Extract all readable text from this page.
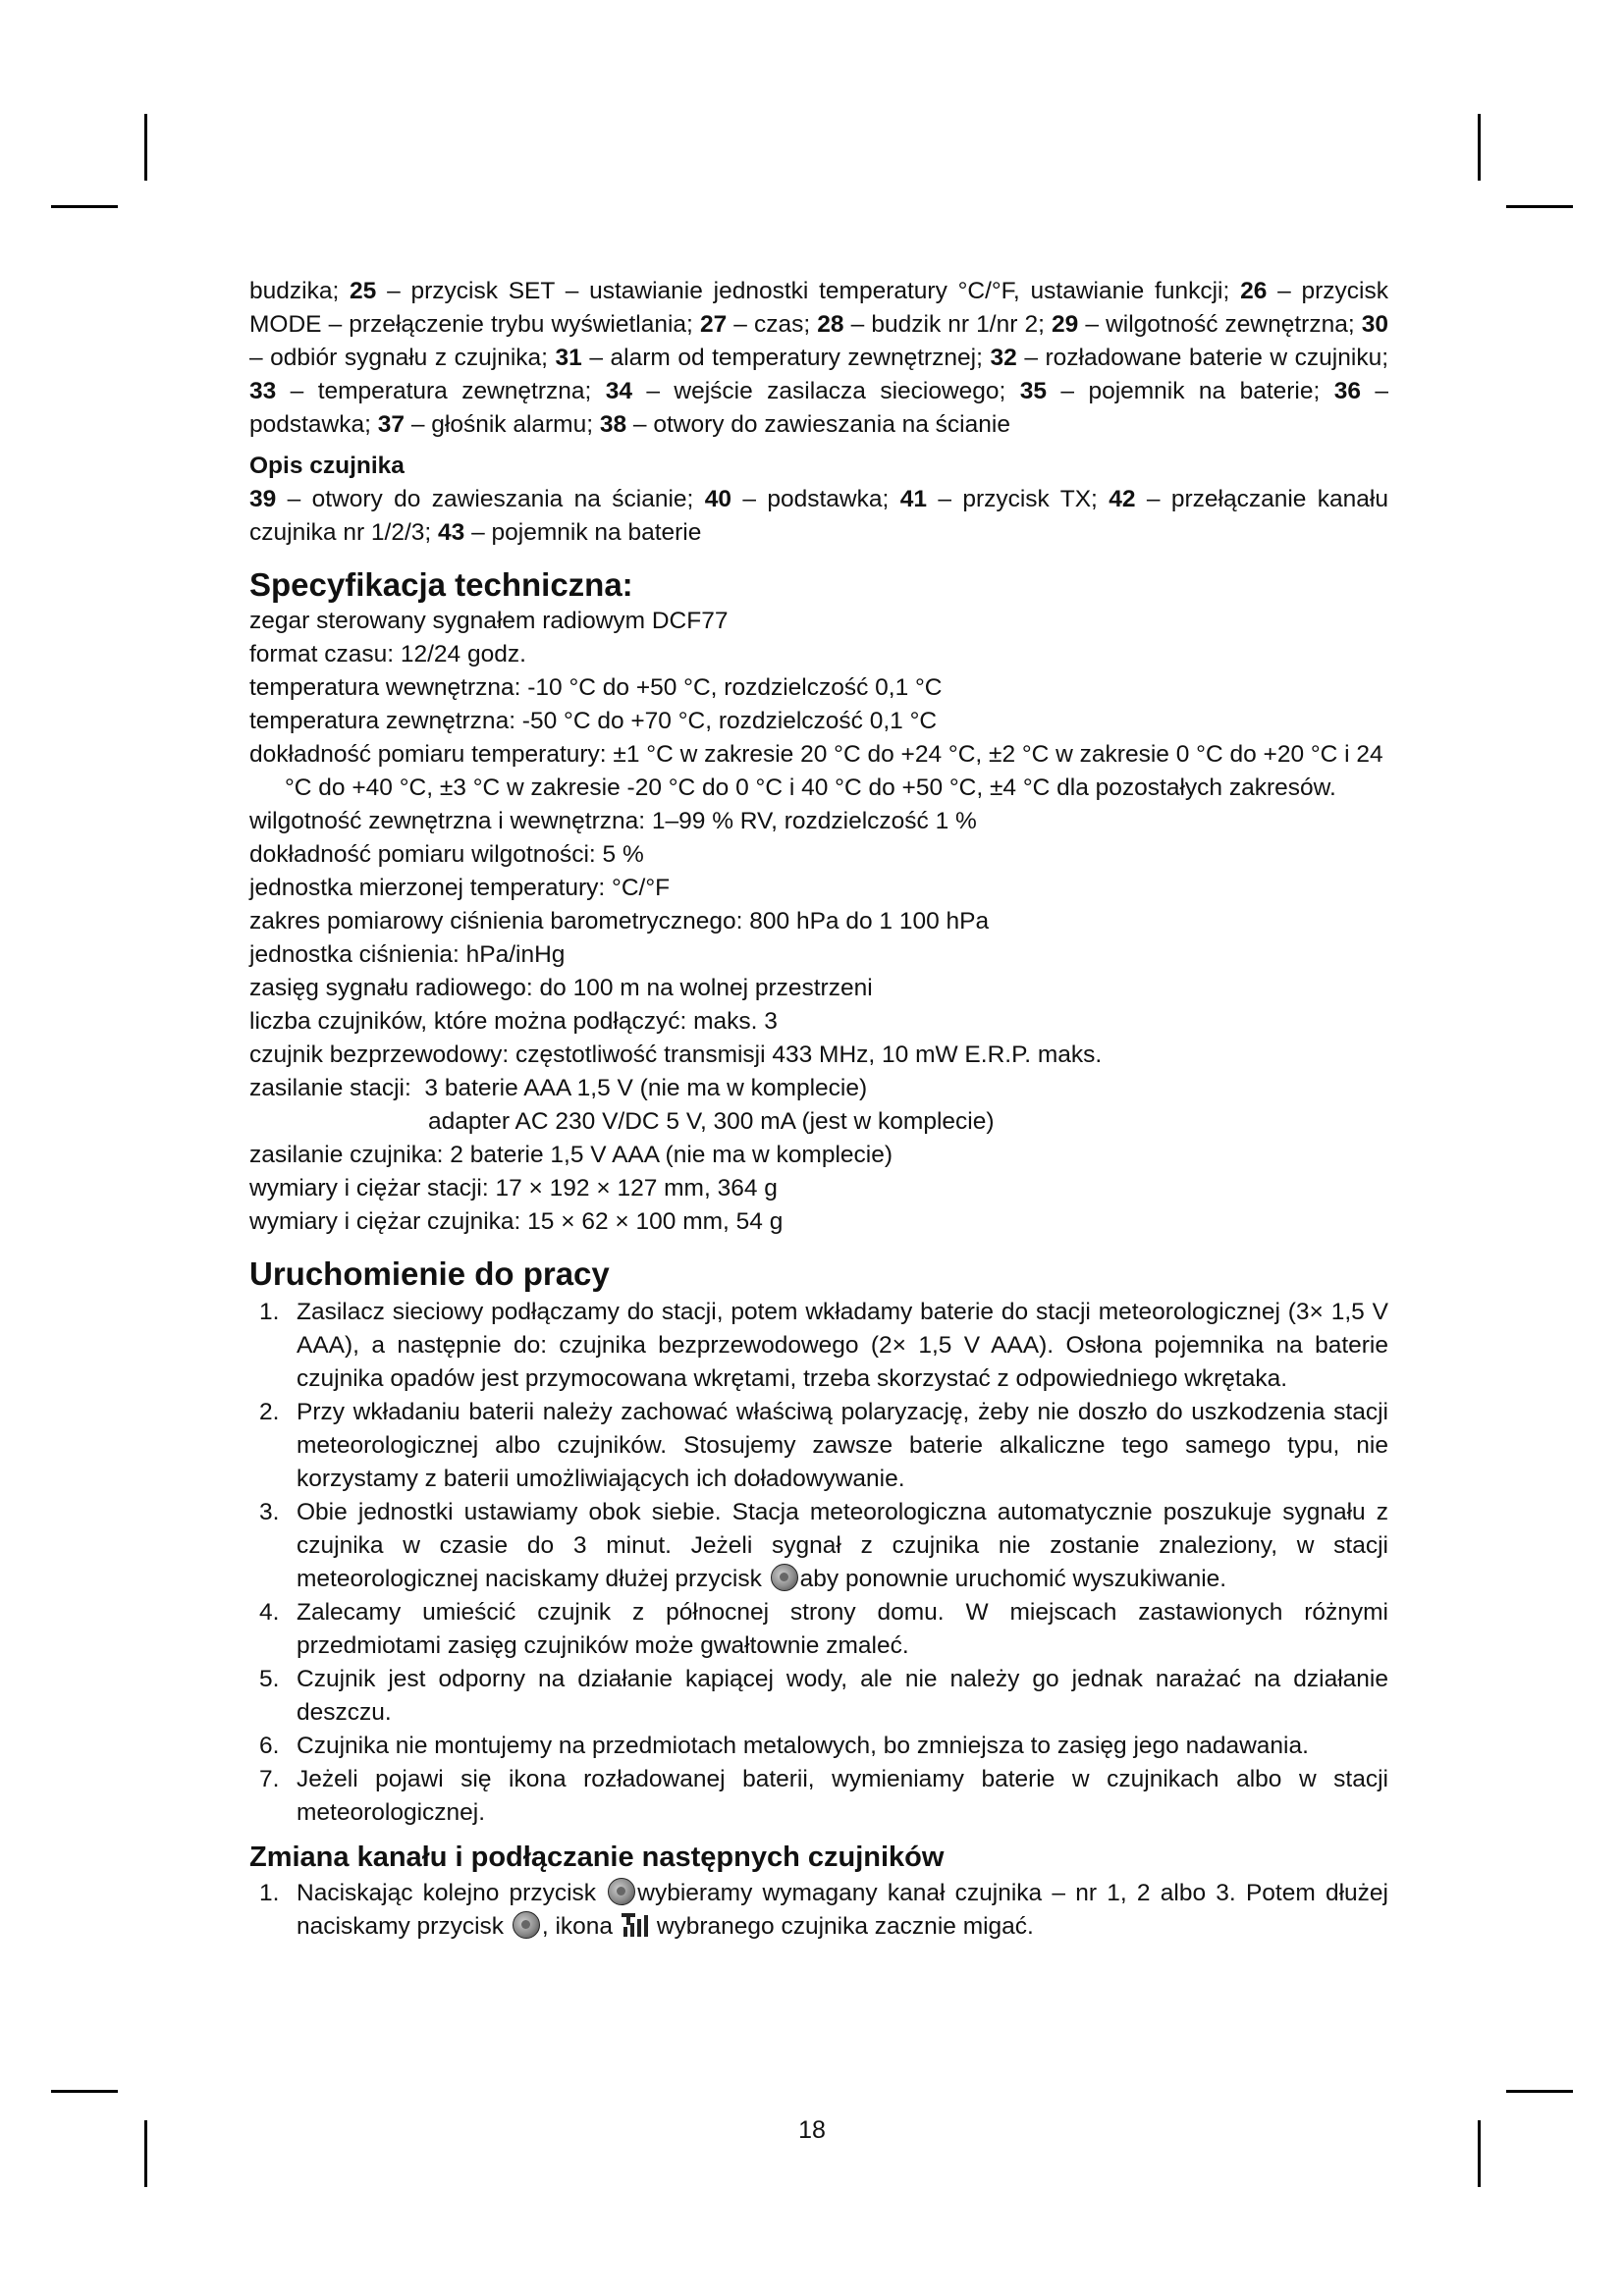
budzika; 25 – przycisk SET – ustawianie jednostki temperatury °C/°F, ustawianie funkcji; 26 – przycisk MODE – przełączenie trybu wyświetlania; 27 – czas; 28 – budzik nr 1/nr 2; 29 – wilgotność zewnętrzna; 30 – odbiór sygnału z czujnika; 31 – alarm od temperatury zewnętrznej; 32 – rozładowane baterie w czujniku; 33 – temperatura zewnętrzna; 34 – wejście zasilacza sieciowego; 35 – pojemnik na baterie; 36 – podstawka; 37 – głośnik alarmu; 38 – otwory do zawieszania na ścianie

Opis czujnika

39 – otwory do zawieszania na ścianie; 40 – podstawka; 41 – przycisk TX; 42 – przełączanie kanału czujnika nr 1/2/3; 43 – pojemnik na baterie

Specyfikacja techniczna:

zegar sterowany sygnałem radiowym DCF77

format czasu: 12/24 godz.

temperatura wewnętrzna: -10 °C do +50 °C, rozdzielczość 0,1 °C

temperatura zewnętrzna: -50 °C do +70 °C, rozdzielczość 0,1 °C

dokładność pomiaru temperatury: ±1 °C w zakresie 20 °C do +24 °C, ±2 °C w zakresie 0 °C do +20 °C i 24 °C do +40 °C, ±3 °C w zakresie -20 °C do 0 °C i 40 °C do +50 °C, ±4 °C dla pozostałych zakresów.

wilgotność zewnętrzna i wewnętrzna: 1–99 % RV, rozdzielczość 1 %

dokładność pomiaru wilgotności: 5 %

jednostka mierzonej temperatury: °C/°F

zakres pomiarowy ciśnienia barometrycznego: 800 hPa do 1 100 hPa

jednostka ciśnienia: hPa/inHg

zasięg sygnału radiowego: do 100 m na wolnej przestrzeni

liczba czujników, które można podłączyć: maks. 3

czujnik bezprzewodowy: częstotliwość transmisji 433 MHz, 10 mW E.R.P. maks.

zasilanie stacji: 3 baterie AAA 1,5 V (nie ma w komplecie)

adapter AC 230 V/DC 5 V, 300 mA (jest w komplecie)

zasilanie czujnika: 2 baterie 1,5 V AAA (nie ma w komplecie)

wymiary i ciężar stacji: 17 × 192 × 127 mm, 364 g

wymiary i ciężar czujnika: 15 × 62 × 100 mm, 54 g

Uruchomienie do pracy
1. Zasilacz sieciowy podłączamy do stacji, potem wkładamy baterie do stacji meteorologicznej (3× 1,5 V AAA), a następnie do: czujnika bezprzewodowego (2× 1,5 V AAA). Osłona pojemnika na baterie czujnika opadów jest przymocowana wkrętami, trzeba skorzystać z odpowiedniego wkrętaka.
2. Przy wkładaniu baterii należy zachować właściwą polaryzację, żeby nie doszło do uszkodzenia stacji meteorologicznej albo czujników. Stosujemy zawsze baterie alkaliczne tego samego typu, nie korzystamy z baterii umożliwiających ich doładowywanie.
3. Obie jednostki ustawiamy obok siebie. Stacja meteorologiczna automatycznie poszukuje sygnału z czujnika w czasie do 3 minut. Jeżeli sygnał z czujnika nie zostanie znaleziony, w stacji meteorologicznej naciskamy dłużej przycisk aby ponownie uruchomić wyszukiwanie.
4. Zalecamy umieścić czujnik z północnej strony domu. W miejscach zastawionych różnymi przedmiotami zasięg czujników może gwałtownie zmaleć.
5. Czujnik jest odporny na działanie kapiącej wody, ale nie należy go jednak narażać na działanie deszczu.
6. Czujnika nie montujemy na przedmiotach metalowych, bo zmniejsza to zasięg jego nadawania.
7. Jeżeli pojawi się ikona rozładowanej baterii, wymieniamy baterie w czujnikach albo w stacji meteorologicznej.
Zmiana kanału i podłączanie następnych czujników
1. Naciskając kolejno przycisk wybieramy wymagany kanał czujnika – nr 1, 2 albo 3. Potem dłużej naciskamy przycisk , ikona wybranego czujnika zacznie migać.
18
